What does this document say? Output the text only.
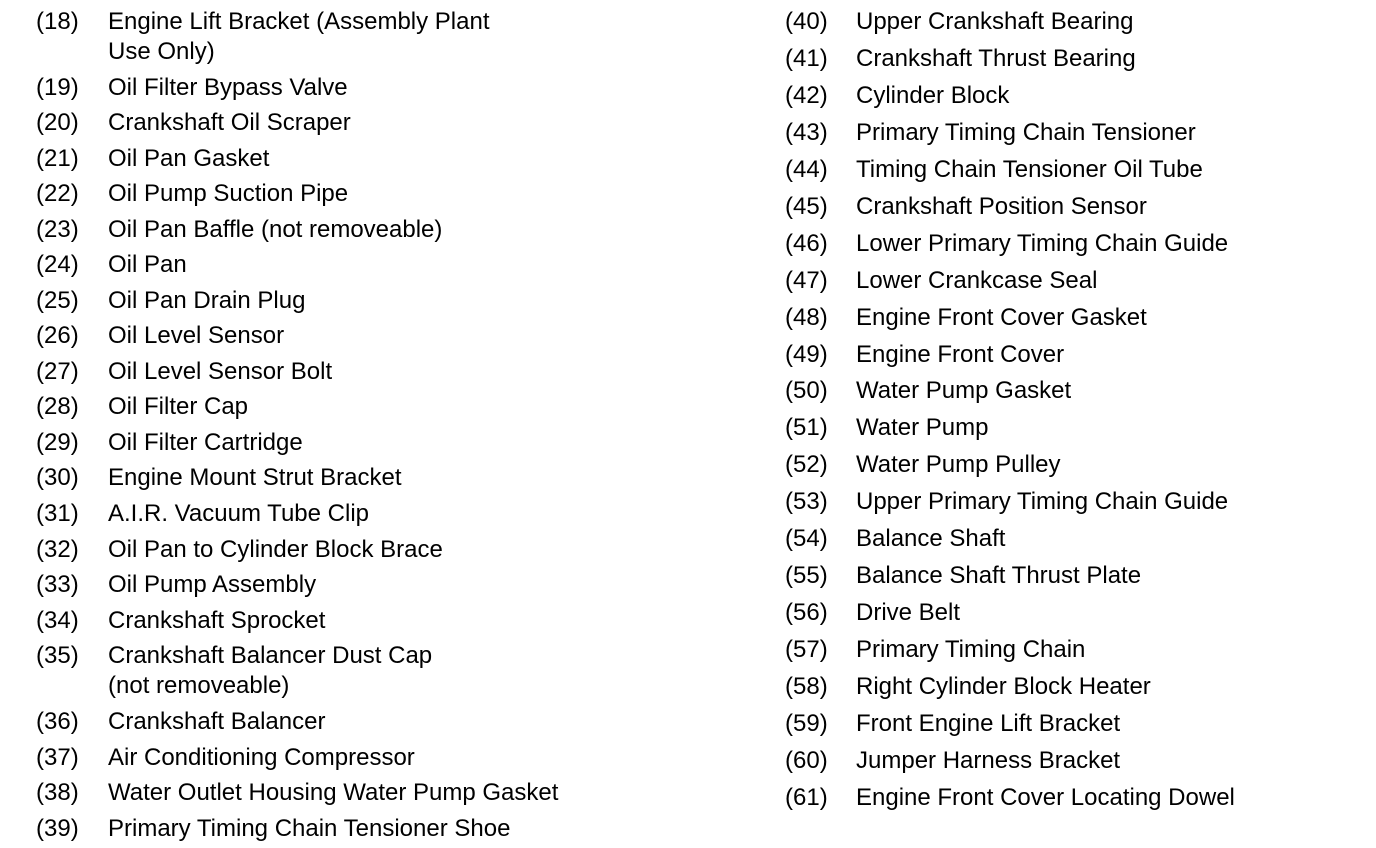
(18) Engine Lift Bracket (Assembly Plant
Use Only)
(19) Oil Filter Bypass Valve
(20) Crankshaft Oil Scraper
(21) Oil Pan Gasket
(22) Oil Pump Suction Pipe
(23) Oil Pan Baffle (not removeable)
(24) Oil Pan
(25) Oil Pan Drain Plug
(26) Oil Level Sensor
(27) Oil Level Sensor Bolt
(28) Oil Filter Cap
(29) Oil Filter Cartridge
(30) Engine Mount Strut Bracket
(31) A.I.R. Vacuum Tube Clip
(32) Oil Pan to Cylinder Block Brace
(33) Oil Pump Assembly
(34) Crankshaft Sprocket
(35) Crankshaft Balancer Dust Cap
(not removeable)
(36) Crankshaft Balancer
(37) Air Conditioning Compressor
(38) Water Outlet Housing Water Pump Gasket
(39) Primary Timing Chain Tensioner Shoe
(40) Upper Crankshaft Bearing
(41) Crankshaft Thrust Bearing
(42) Cylinder Block
(43) Primary Timing Chain Tensioner
(44) Timing Chain Tensioner Oil Tube
(45) Crankshaft Position Sensor
(46) Lower Primary Timing Chain Guide
(47) Lower Crankcase Seal
(48) Engine Front Cover Gasket
(49) Engine Front Cover
(50) Water Pump Gasket
(51) Water Pump
(52) Water Pump Pulley
(53) Upper Primary Timing Chain Guide
(54) Balance Shaft
(55) Balance Shaft Thrust Plate
(56) Drive Belt
(57) Primary Timing Chain
(58) Right Cylinder Block Heater
(59) Front Engine Lift Bracket
(60) Jumper Harness Bracket
(61) Engine Front Cover Locating Dowel
